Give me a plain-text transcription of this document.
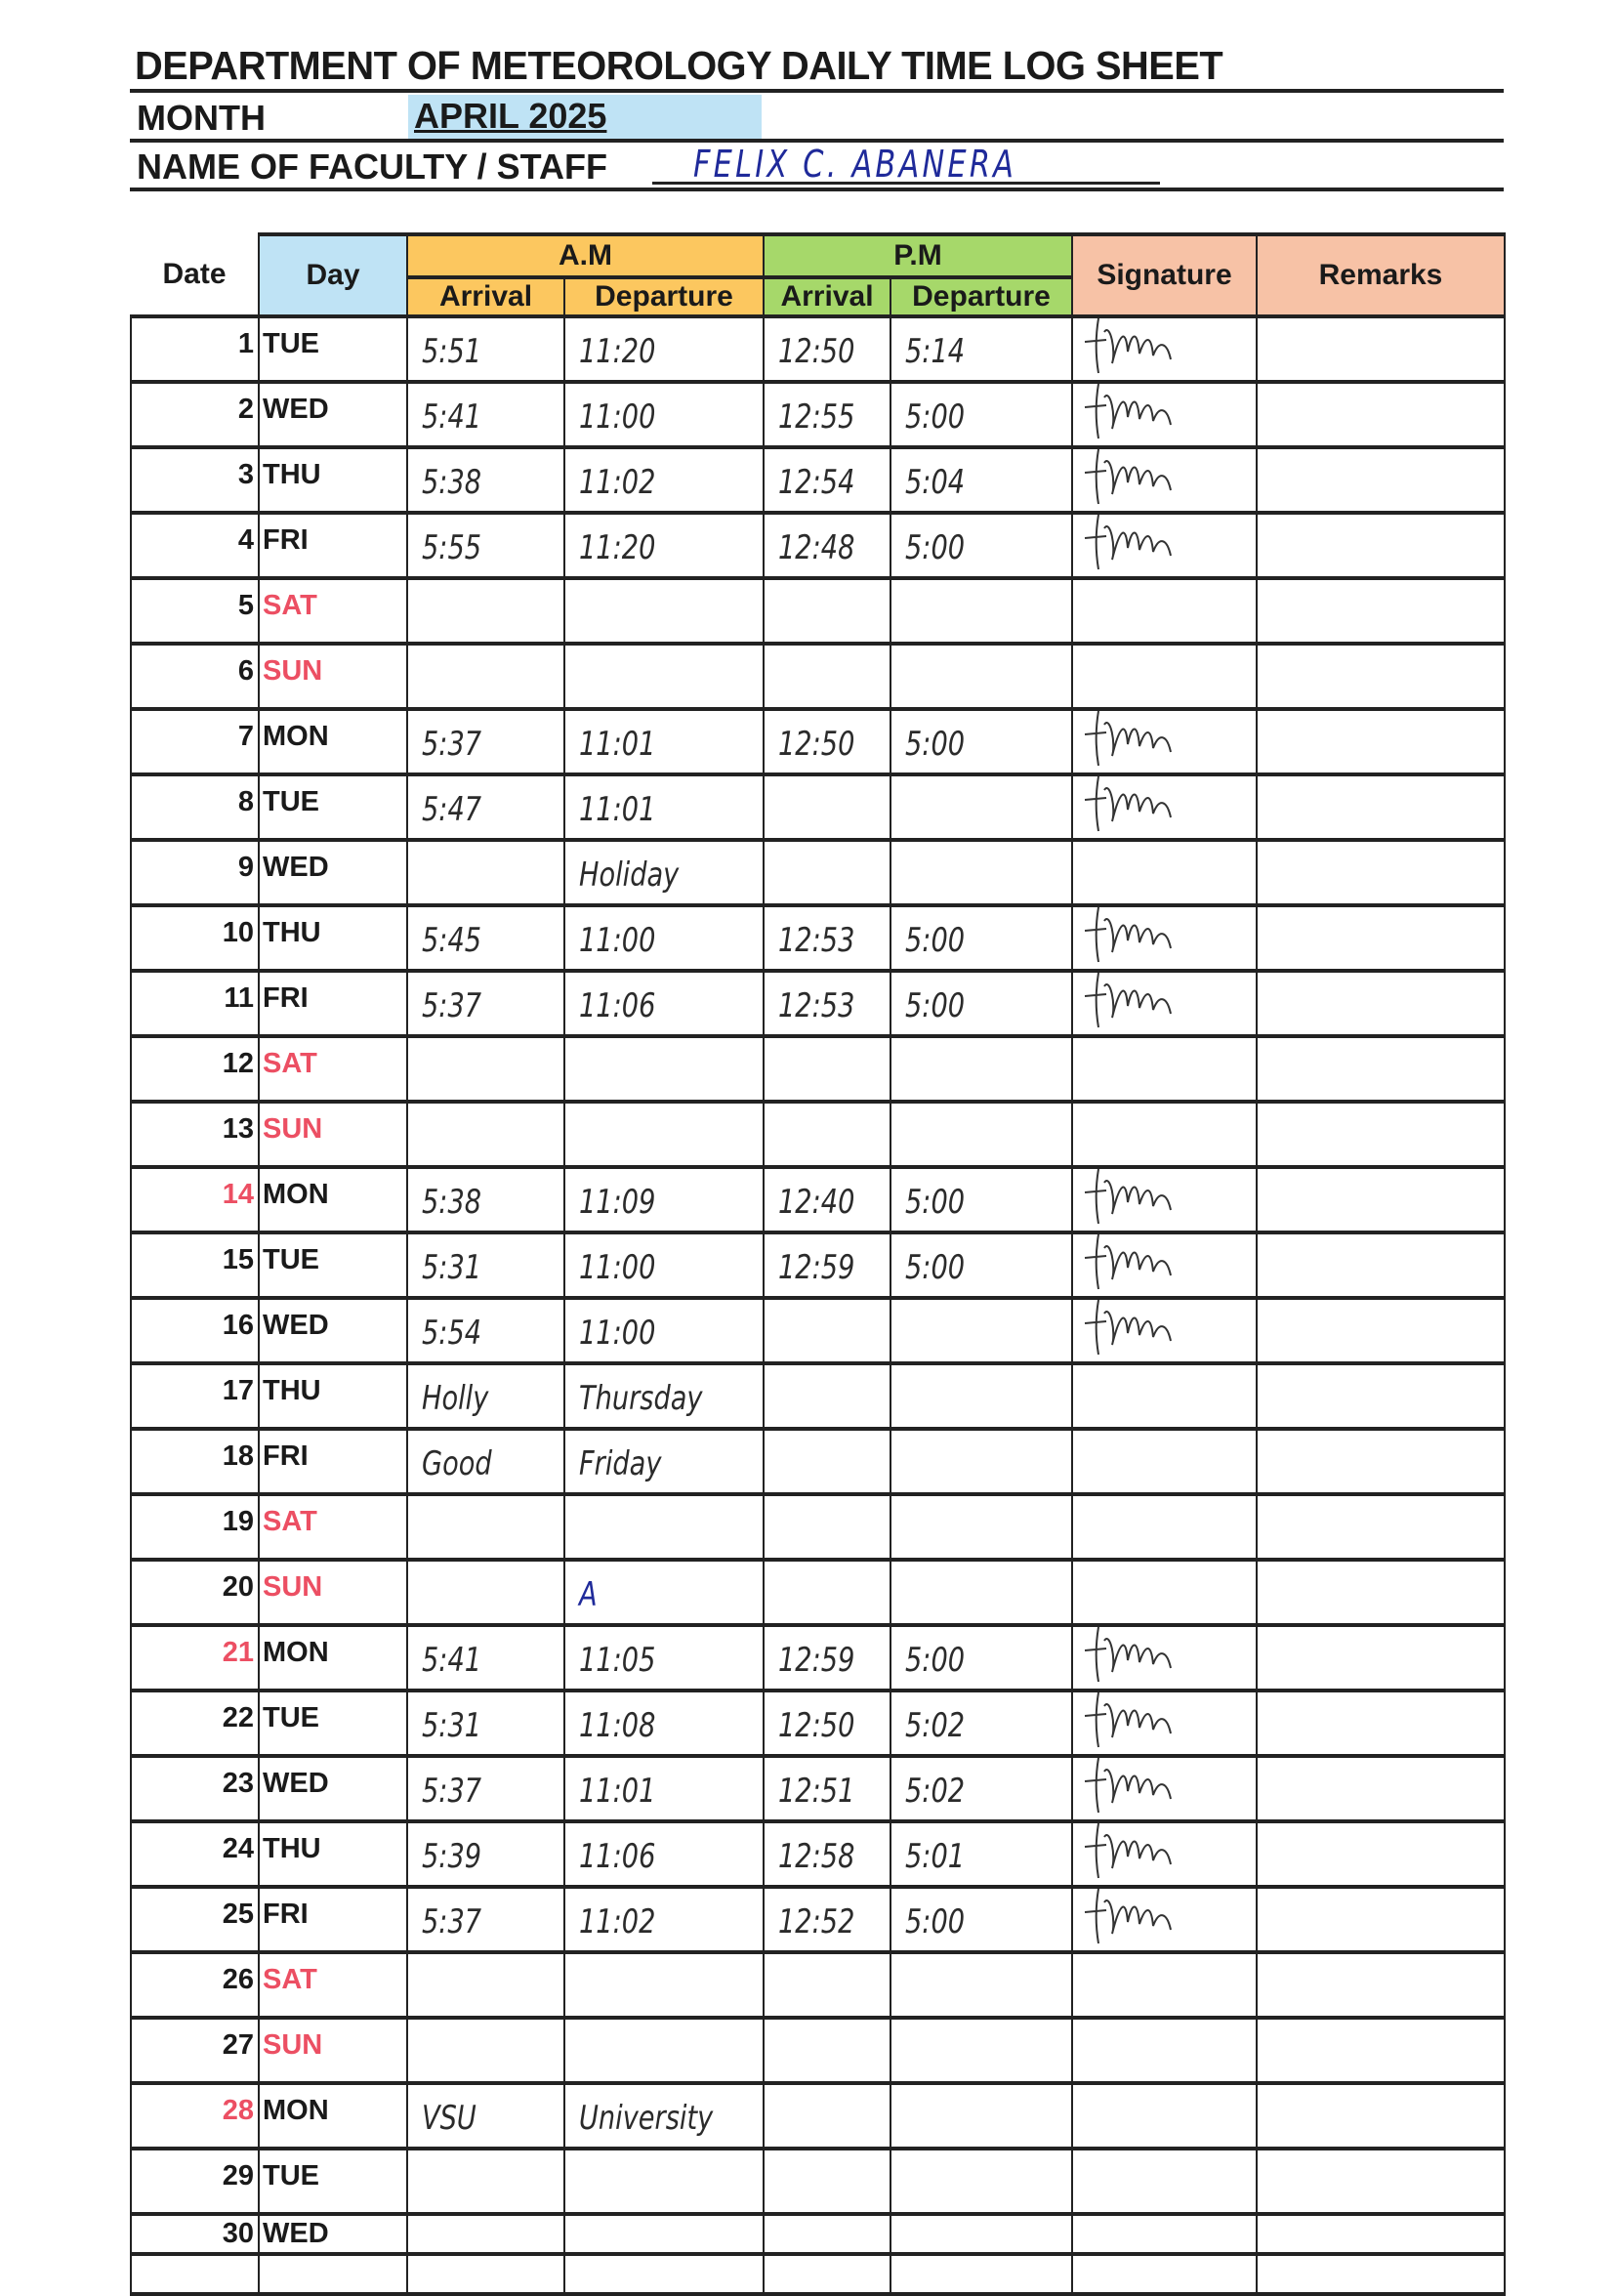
DEPARTMENT OF METEOROLOGY DAILY TIME LOG SHEET
MONTH	APRIL 2025
NAME OF FACULTY / STAFF FELIX C. ABANERA
Date	Day	A.M		P.M		Signature	Remarks
		Arrival	Departure	Arrival	Departure		
1	TUE	5:51	11:20	12:50	5:14

2	WED	5:41	11:00	12:55	5:00

3	THU	5:38	11:02	12:54	5:04

4	FRI	5:55	11:20	12:48	5:00

5	SAT						
6	SUN						
7	MON	5:37	11:01	12:50	5:00

8	TUE	5:47	11:01

9	WED		Holiday				

10	THU	5:45	11:00	12:53	5:00

11	FRI	5:37	11:06	12:53	5:00

12	SAT						
13	SUN						
14	MON	5:38	11:09	12:40	5:00

15	TUE	5:31	11:00	12:59	5:00

16	WED	5:54	11:00

17	THU	Holly	Thursday				

18	FRI	Good	Friday				

19	SAT						
20	SUN		A				

21	MON	5:41	11:05	12:59	5:00

22	TUE	5:31	11:08	12:50	5:02

23	WED	5:37	11:01	12:51	5:02

24	THU	5:39	11:06	12:58	5:01

25	FRI	5:37	11:02	12:52	5:00

26	SAT						
27	SUN						
28	MON	VSU	University				

29	TUE						
30	WED						
